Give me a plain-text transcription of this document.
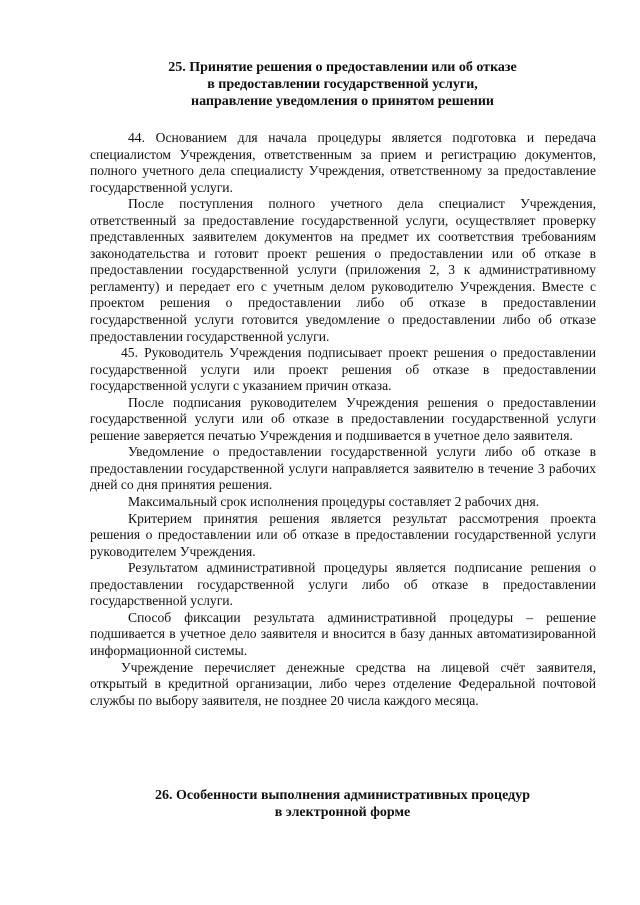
25. Принятие решения о предоставлении или об отказе
в предоставлении государственной услуги,
направление уведомления о принятом решении

44. Основанием для начала процедуры является подготовка и передача специалистом Учреждения, ответственным за прием и регистрацию документов, полного учетного дела специалисту Учреждения, ответственному за предоставление государственной услуги.

После поступления полного учетного дела специалист Учреждения, ответственный за предоставление государственной услуги, осуществляет проверку представленных заявителем документов на предмет их соответствия требованиям законодательства и готовит проект решения о предоставлении или об отказе в предоставлении государственной услуги (приложения 2, 3 к административному регламенту) и передает его с учетным делом руководителю Учреждения. Вместе с проектом решения о предоставлении либо об отказе в предоставлении государственной услуги готовится уведомление о предоставлении либо об отказе предоставлении государственной услуги.

45. Руководитель Учреждения подписывает проект решения о предоставлении государственной услуги или проект решения об отказе в предоставлении государственной услуги с указанием причин отказа.

После подписания руководителем Учреждения решения о предоставлении государственной услуги или об отказе в предоставлении государственной услуги решение заверяется печатью Учреждения и подшивается в учетное дело заявителя.

Уведомление о предоставлении государственной услуги либо об отказе в предоставлении государственной услуги направляется заявителю в течение 3 рабочих дней со дня принятия решения.

Максимальный срок исполнения процедуры составляет 2 рабочих дня.

Критерием принятия решения является результат рассмотрения проекта решения о предоставлении или об отказе в предоставлении государственной услуги руководителем Учреждения.

Результатом административной процедуры является подписание решения о предоставлении государственной услуги либо об отказе в предоставлении государственной услуги.

Способ фиксации результата административной процедуры – решение подшивается в учетное дело заявителя и вносится в базу данных автоматизированной информационной системы.

Учреждение перечисляет денежные средства на лицевой счёт заявителя, открытый в кредитной организации, либо через отделение Федеральной почтовой службы по выбору заявителя, не позднее 20 числа каждого месяца.

26. Особенности выполнения административных процедур
в электронной форме
